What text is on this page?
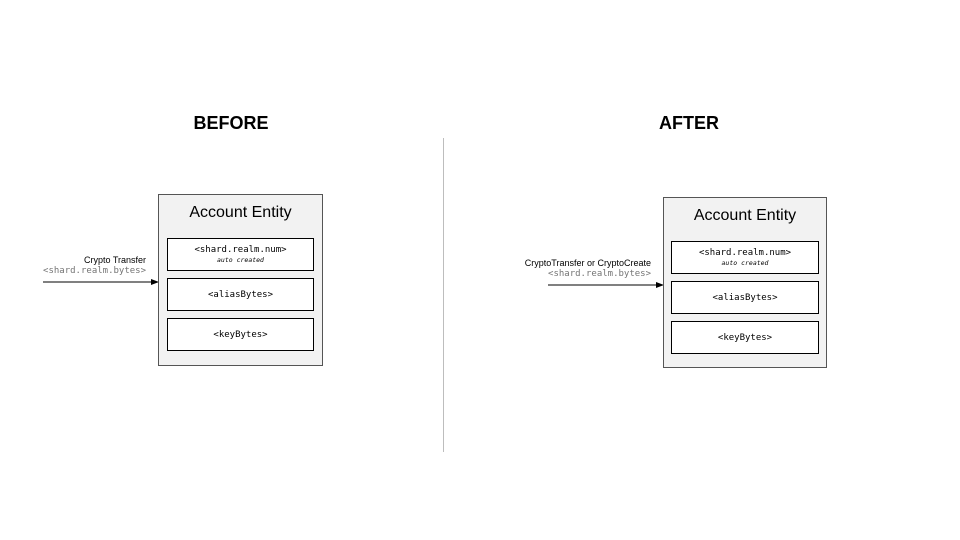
BEFORE
Crypto Transfer
<shard.realm.bytes>
Account Entity
<shard.realm.num>
auto created
<aliasBytes>
<keyBytes>
AFTER
CryptoTransfer or CryptoCreate
<shard.realm.bytes>
Account Entity
<shard.realm.num>
auto created
<aliasBytes>
<keyBytes>
